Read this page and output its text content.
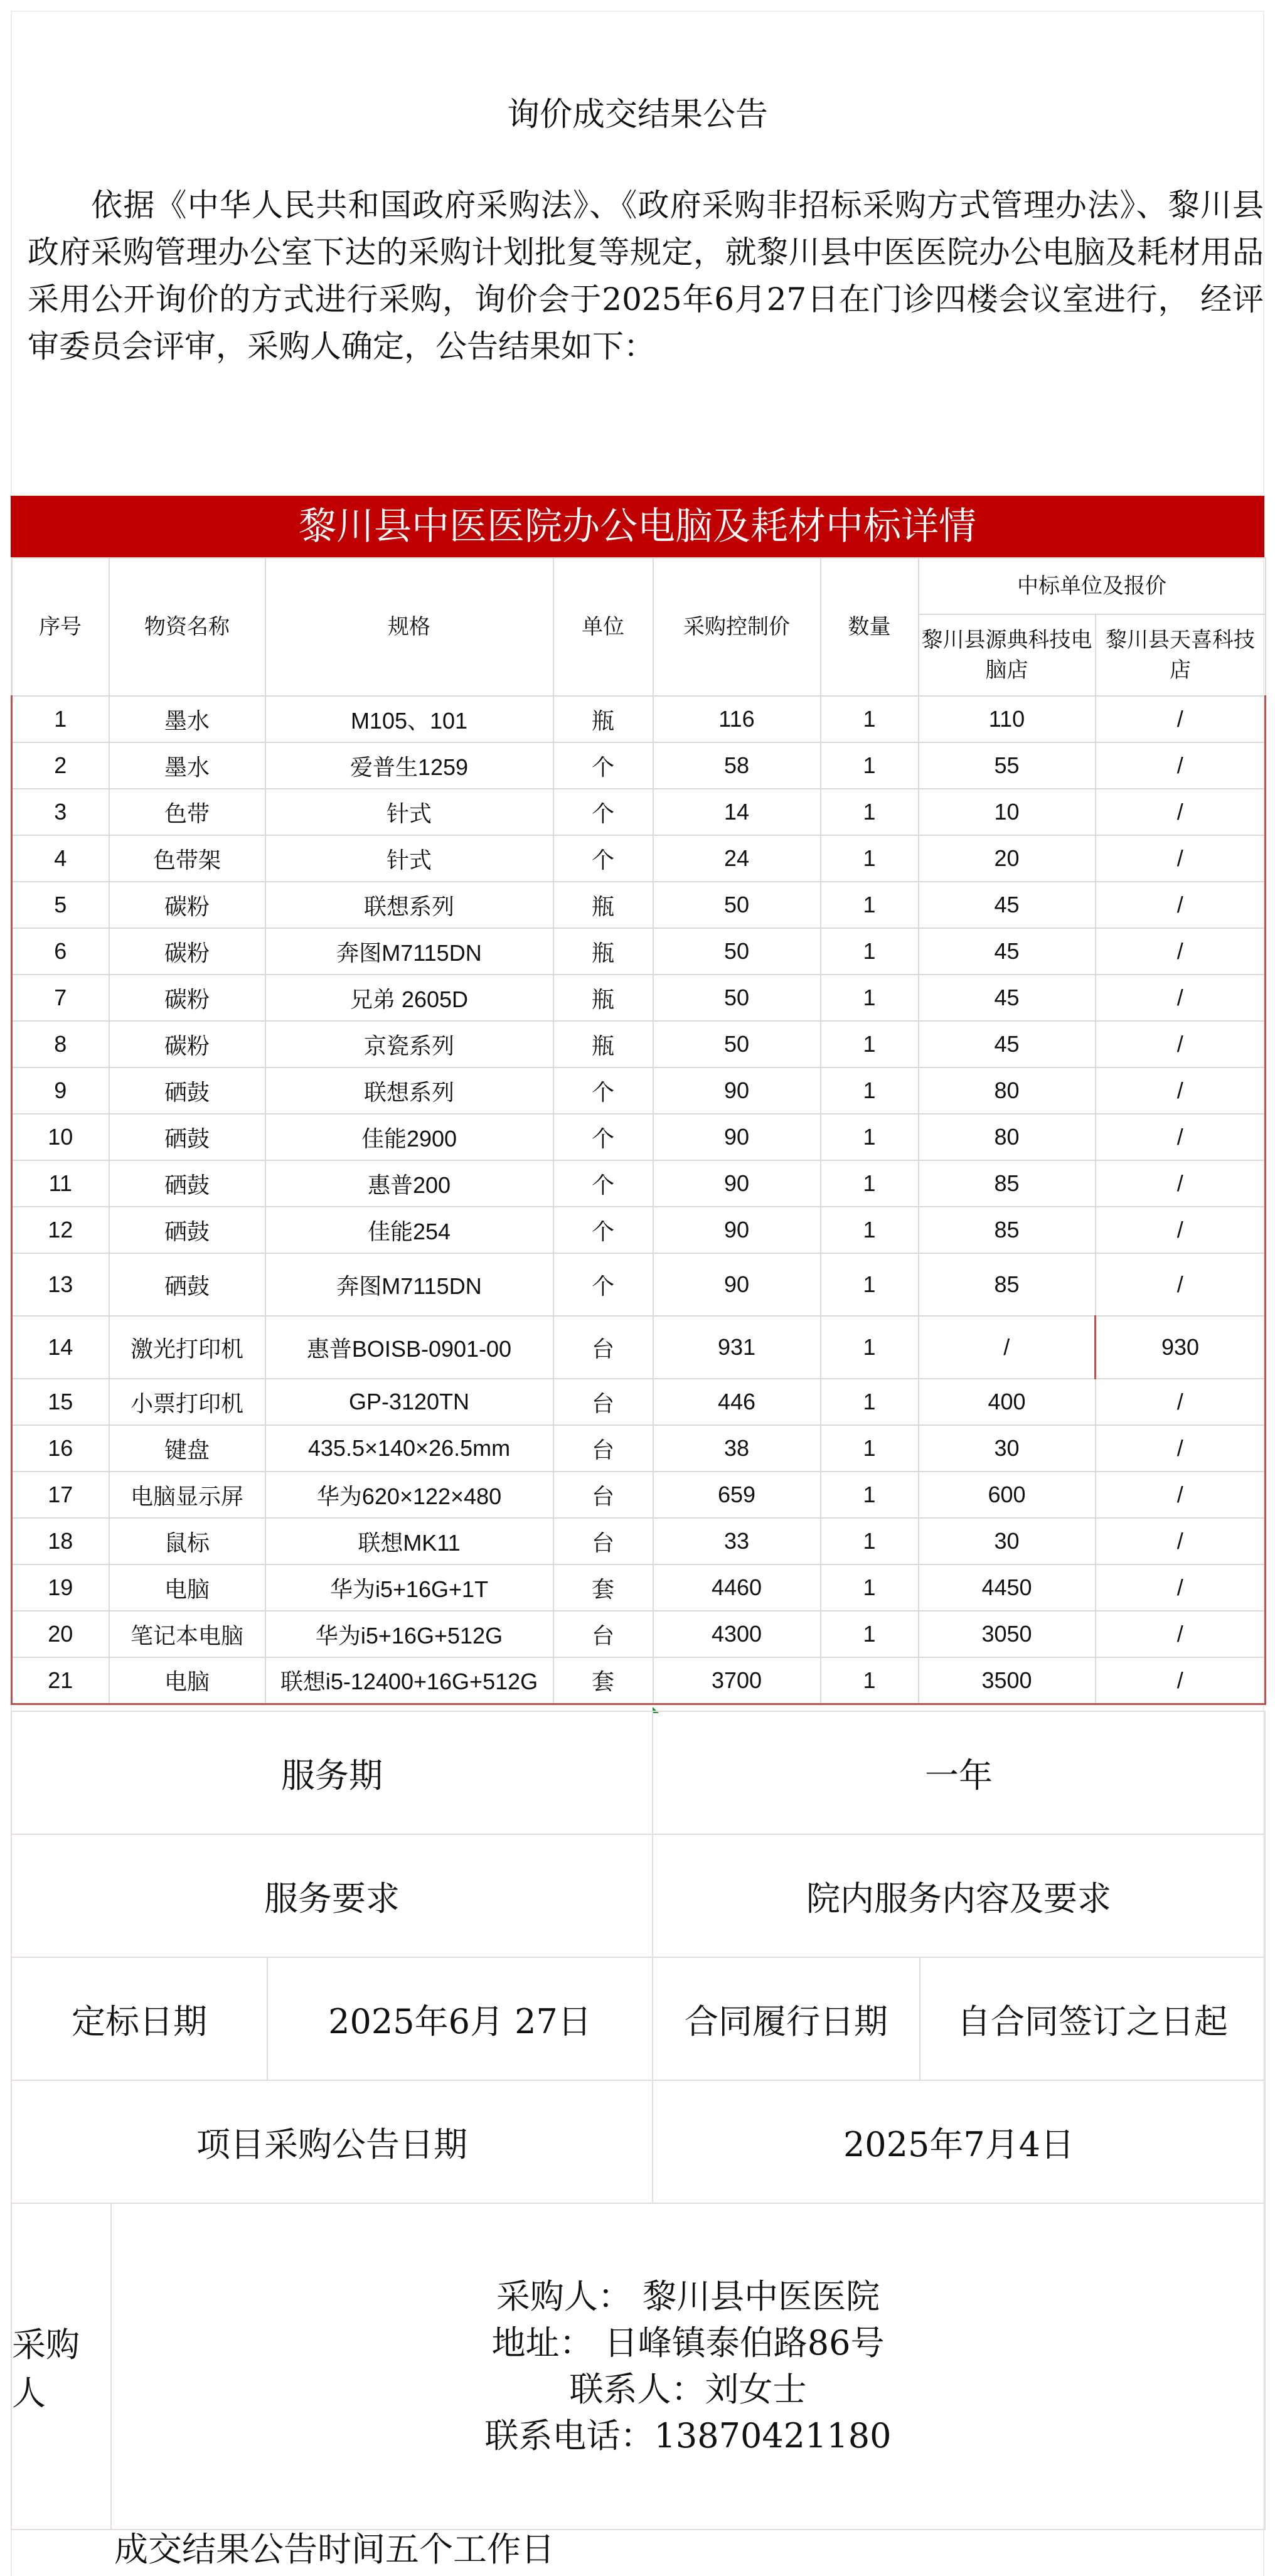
询价成交结果公告
依据《中华人民共和国政府采购法》、《政府采购非招标采购方式管理办法》、黎川县政府采购管理办公室下达的采购计划批复等规定，就黎川县中医医院办公电脑及耗材用品采用公开询价的方式进行采购，询价会于2025年6月27日在门诊四楼会议室进行， 经评审委员会评审，采购人确定，公告结果如下：
黎川县中医医院办公电脑及耗材中标详情
序号	物资名称	规格	单位	采购控制价	数量	中标单位及报价	
						黎川县源典科技电脑店	黎川县天喜科技店
1	墨水	M105、101	瓶	116	1	110	/
2	墨水	爱普生1259	个	58	1	55	/
3	色带	针式	个	14	1	10	/
4	色带架	针式	个	24	1	20	/
5	碳粉	联想系列	瓶	50	1	45	/
6	碳粉	奔图M7115DN	瓶	50	1	45	/
7	碳粉	兄弟 2605D	瓶	50	1	45	/
8	碳粉	京瓷系列	瓶	50	1	45	/
9	硒鼓	联想系列	个	90	1	80	/
10	硒鼓	佳能2900	个	90	1	80	/
11	硒鼓	惠普200	个	90	1	85	/
12	硒鼓	佳能254	个	90	1	85	/
13	硒鼓	奔图M7115DN	个	90	1	85	/
14	激光打印机	惠普BOISB-0901-00	台	931	1	/	930
15	小票打印机	GP-3120TN	台	446	1	400	/
16	键盘	435.5×140×26.5mm	台	38	1	30	/
17	电脑显示屏	华为620×122×480	台	659	1	600	/
18	鼠标	联想MK11	台	33	1	30	/
19	电脑	华为i5+16G+1T	套	4460	1	4450	/
20	笔记本电脑	华为i5+16G+512G	台	4300	1	3050	/
21	电脑	联想i5-12400+16G+512G	套	3700	1	3500	/
服务期			一年	
服务要求			院内服务内容及要求	
定标日期		2025年6月 27日	合同履行日期	自合同签订之日起
项目采购公告日期			2025年7月4日	
采购人	采购人： 黎川县中医医院
地址： 日峰镇泰伯路86号
联系人：刘女士
联系电话：13870421180			
成交结果公告时间五个工作日
